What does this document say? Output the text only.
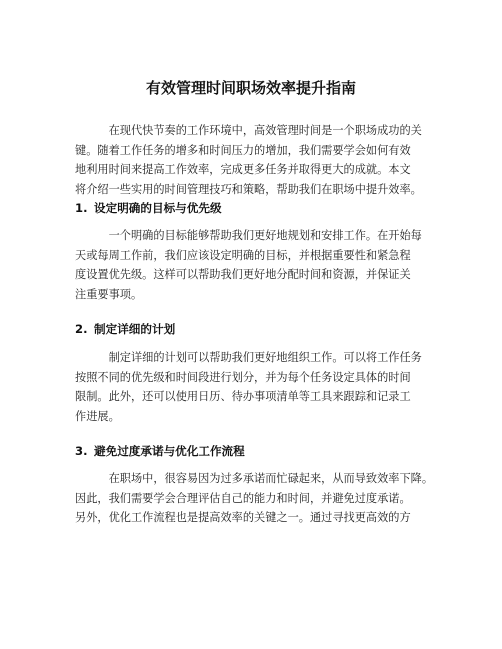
有效管理时间职场效率提升指南

　　　在现代快节奏的工作环境中，高效管理时间是一个职场成功的关
键。随着工作任务的增多和时间压力的增加，我们需要学会如何有效
地利用时间来提高工作效率，完成更多任务并取得更大的成就。本文
将介绍一些实用的时间管理技巧和策略，帮助我们在职场中提升效率。

1. 设定明确的目标与优先级

　　　一个明确的目标能够帮助我们更好地规划和安排工作。在开始每
天或每周工作前，我们应该设定明确的目标，并根据重要性和紧急程
度设置优先级。这样可以帮助我们更好地分配时间和资源，并保证关
注重要事项。

2. 制定详细的计划

　　　制定详细的计划可以帮助我们更好地组织工作。可以将工作任务
按照不同的优先级和时间段进行划分，并为每个任务设定具体的时间
限制。此外，还可以使用日历、待办事项清单等工具来跟踪和记录工
作进展。

3. 避免过度承诺与优化工作流程

　　　在职场中，很容易因为过多承诺而忙碌起来，从而导致效率下降。
因此，我们需要学会合理评估自己的能力和时间，并避免过度承诺。
另外，优化工作流程也是提高效率的关键之一。通过寻找更高效的方
